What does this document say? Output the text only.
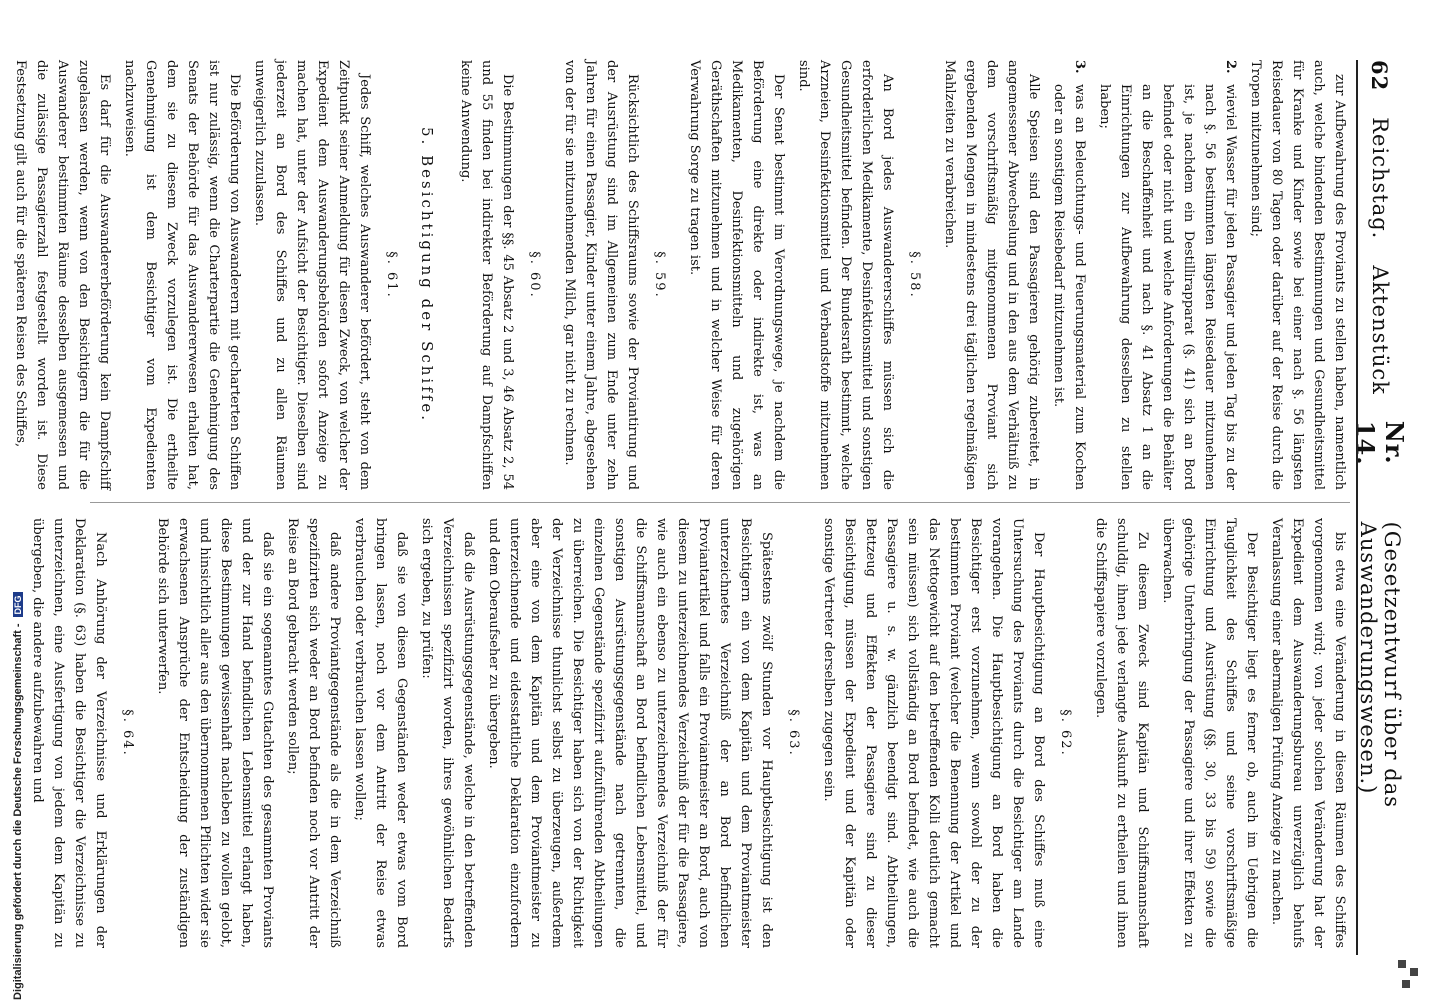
62
Reichstag.
Aktenstück
Nr. 14.
(Gesetzentwurf über das Auswanderungswesen.)

zur Aufbewahrung des Proviants zu stellen haben, namentlich auch, welche bindenden Bestimmungen und Gesundheitsmittel für Kranke und Kinder sowie bei einer nach §. 56 längsten Reisedauer von 80 Tagen oder darüber auf der Reise durch die Tropen mitzunehmen sind;

2.
wieviel Wasser für jeden Passagier und jeden Tag bis zu der nach §. 56 bestimmten längsten Reisedauer mitzunehmen ist, je nachdem ein Destillirapparat (§. 41) sich an Bord befindet oder nicht und welche Anforderungen die Behälter an die Beschaffenheit und nach §. 41 Absatz 1 an die Einrichtungen zur Aufbewahrung desselben zu stellen haben;
3.
was an Beleuchtungs- und Feuerungsmaterial zum Kochen oder an sonstigem Reisebedarf mitzunehmen ist.

Alle Speisen sind den Passagieren gehörig zubereitet, in angemessener Abwechselung und in den aus dem Verhältniß zu dem vorschriftsmäßig mitgenommenen Proviant sich ergebenden Mengen in mindestens drei täglichen regelmäßigen Mahlzeiten zu verabreichen.

§. 58.

An Bord jedes Auswandererschiffes müssen sich die erforderlichen Medikamente, Desinfektionsmittel und sonstigen Gesundheitsmittel befinden. Der Bundesrath bestimmt, welche Arzneien, Desinfektionsmittel und Verbandstoffe mitzunehmen sind.

Der Senat bestimmt im Verordnungswege, je nachdem die Beförderung eine direkte oder indirekte ist, was an Medikamenten, Desinfektionsmitteln und zugehörigen Geräthschaften mitzunehmen und in welcher Weise für deren Verwahrung Sorge zu tragen ist.

§. 59.

Rücksichtlich des Schiffsraums sowie der Proviantirung und der Ausrüstung sind im Allgemeinen zum Ende unter zehn Jahren für einen Passagier, Kinder unter einem Jahre, abgesehen von der für sie mitzunehmenden Milch, gar nicht zu rechnen.

§. 60.

Die Bestimmungen der §§. 45 Absatz 2 und 3, 46 Absatz 2, 54 und 55 finden bei indirekter Beförderung auf Dampfschiffen keine Anwendung.

5. Besichtigung der Schiffe.
§. 61.

Jedes Schiff, welches Auswanderer befördert, steht von dem Zeitpunkt seiner Anmeldung für diesen Zweck, von welcher der Expedient dem Auswanderungsbehörden sofort Anzeige zu machen hat, unter der Aufsicht der Besichtiger. Dieselben sind jederzeit an Bord des Schiffes und zu allen Räumen unweigerlich zuzulassen.

Die Beförderung von Auswanderern mit gecharterten Schiffen ist nur zulässig, wenn die Charterpartie die Genehmigung des Senats der Behörde für das Auswandererwesen erhalten hat, dem sie zu diesem Zweck vorzulegen ist. Die ertheilte Genehmigung ist dem Besichtiger vom Expedienten nachzuweisen.

Es darf für die Auswandererbeförderung kein Dampfschiff zugelassen werden, wenn von den Besichtigern die für die Auswanderer bestimmten Räume desselben ausgemessen und die zulässige Passagierzahl festgestellt worden ist. Diese Festsetzung gilt auch für die späteren Reisen des Schiffes,

bis etwa eine Veränderung in diesen Räumen des Schiffes vorgenommen wird; von jeder solchen Veränderung hat der Expedient dem Auswanderungsbureau unverzüglich behufs Veranlassung einer abermaligen Prüfung Anzeige zu machen.

Der Besichtiger liegt es ferner ob, auch im Uebrigen die Tauglichkeit des Schiffes und seine vorschriftsmäßige Einrichtung und Ausrüstung (§§. 30, 33 bis 59) sowie die gehörige Unterbringung der Passagiere und ihrer Effekten zu überwachen.

Zu diesem Zweck sind Kapitän und Schiffsmannschaft schuldig, ihnen jede verlangte Auskunft zu ertheilen und ihnen die Schiffspapiere vorzulegen.

§. 62.

Der Hauptbesichtigung an Bord des Schiffes muß eine Untersuchung des Proviants durch die Besichtiger am Lande vorangehen. Die Hauptbesichtigung an Bord haben die Besichtiger erst vorzunehmen, wenn sowohl der zu der bestimmten Proviant (welcher die Benennung der Artikel und das Nettogewicht auf den betreffenden Kolli deutlich gemacht sein müssen) sich vollständig an Bord befindet, wie auch die Passagiere u. s. w. gänzlich beendigt sind. Abtheilungen, Bettzeug und Effekten der Passagiere sind zu dieser Besichtigung, müssen der Expedient und der Kapitän oder sonstige Vertreter derselben zugegen sein.

§. 63.

Spätestens zwölf Stunden vor Hauptbesichtigung ist den Besichtigern ein von dem Kapitän und dem Proviantmeister unterzeichnetes Verzeichniß der an Bord befindlichen Proviantartikel und falls ein Proviantmeister an Bord, auch von diesem zu unterzeichnendes Verzeichniß der für die Passagiere, wie auch ein ebenso zu unterzeichnendes Verzeichniß der für die Schiffsmannschaft an Bord befindlichen Lebensmittel, und sonstigen Ausrüstungsgegenstände nach getrennten, die einzelnen Gegenstände spezifizirt aufzuführenden Abtheilungen zu überreichen. Die Besichtiger haben sich von der Richtigkeit der Verzeichnisse thunlichst selbst zu überzeugen, außerdem aber eine von dem Kapitän und dem Proviantmeister zu unterzeichnende und eidesstattliche Deklaration einzufordern und dem Oberaufseher zu übergeben.

daß die Ausrüstungsgegenstände, welche in den betreffenden Verzeichnissen spezifizirt worden, ihres gewöhnlichen Bedarfs sich ergeben, zu prüfen:

daß sie von diesen Gegenständen weder etwas vom Bord bringen lassen, noch vor dem Antritt der Reise etwas verbrauchen oder verbrauchen lassen wollen;

daß andere Proviantgegenstände als die in dem Verzeichniß spezifizirten sich weder an Bord befinden noch vor Antritt der Reise an Bord gebracht werden sollen;

daß sie ein sogenanntes Gutachten des gesammten Proviants und der zur Hand befindlichen Lebensmittel erlangt haben, diese Bestimmungen gewissenhaft nachleben zu wollen gelobt, und hinsichtlich aller aus den übernommenen Pflichten wider sie erwachsenen Ansprüche der Entscheidung der zuständigen Behörde sich unterwerfen.

§. 64.

Nach Anhörung der Verzeichnisse und Erklärungen der Deklaration (§. 63) haben die Besichtiger die Verzeichnisse zu unterzeichnen, eine Ausfertigung von jedem dem Kapitän zu übergeben, die andere aufzubewahren und

Digitalisierung gefördert durch die Deutsche Forschungsgemeinschaft -
DFG
